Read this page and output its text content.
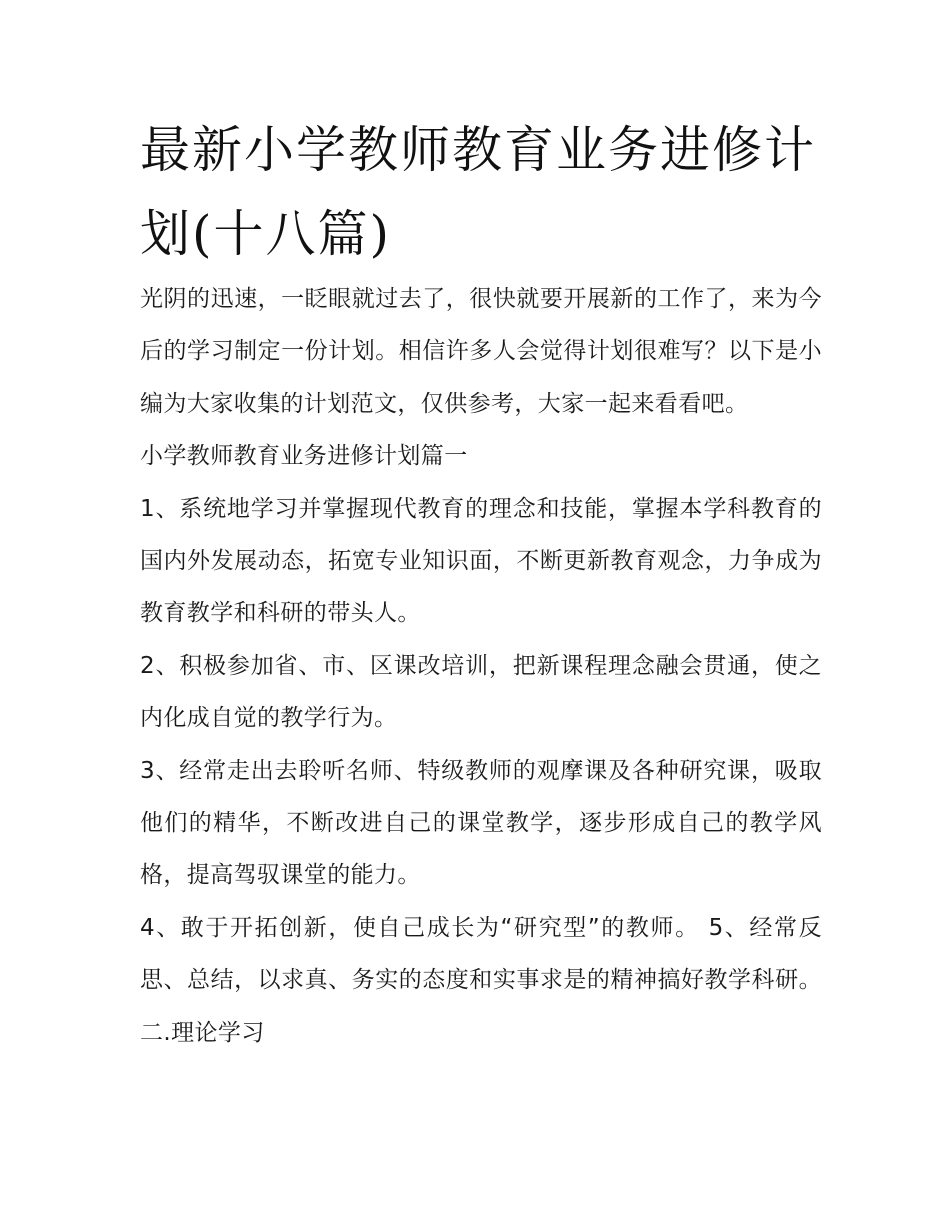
最新小学教师教育业务进修计划(十八篇)

光阴的迅速，一眨眼就过去了，很快就要开展新的工作了，来为今后的学习制定一份计划。相信许多人会觉得计划很难写？以下是小编为大家收集的计划范文，仅供参考，大家一起来看看吧。

小学教师教育业务进修计划篇一

1、系统地学习并掌握现代教育的理念和技能，掌握本学科教育的国内外发展动态，拓宽专业知识面，不断更新教育观念，力争成为教育教学和科研的带头人。

2、积极参加省、市、区课改培训，把新课程理念融会贯通，使之内化成自觉的教学行为。

3、经常走出去聆听名师、特级教师的观摩课及各种研究课，吸取他们的精华，不断改进自己的课堂教学，逐步形成自己的教学风格，提高驾驭课堂的能力。

4、敢于开拓创新，使自己成长为“研究型”的教师。 5、经常反思、总结，以求真、务实的态度和实事求是的精神搞好教学科研。 二.理论学习
